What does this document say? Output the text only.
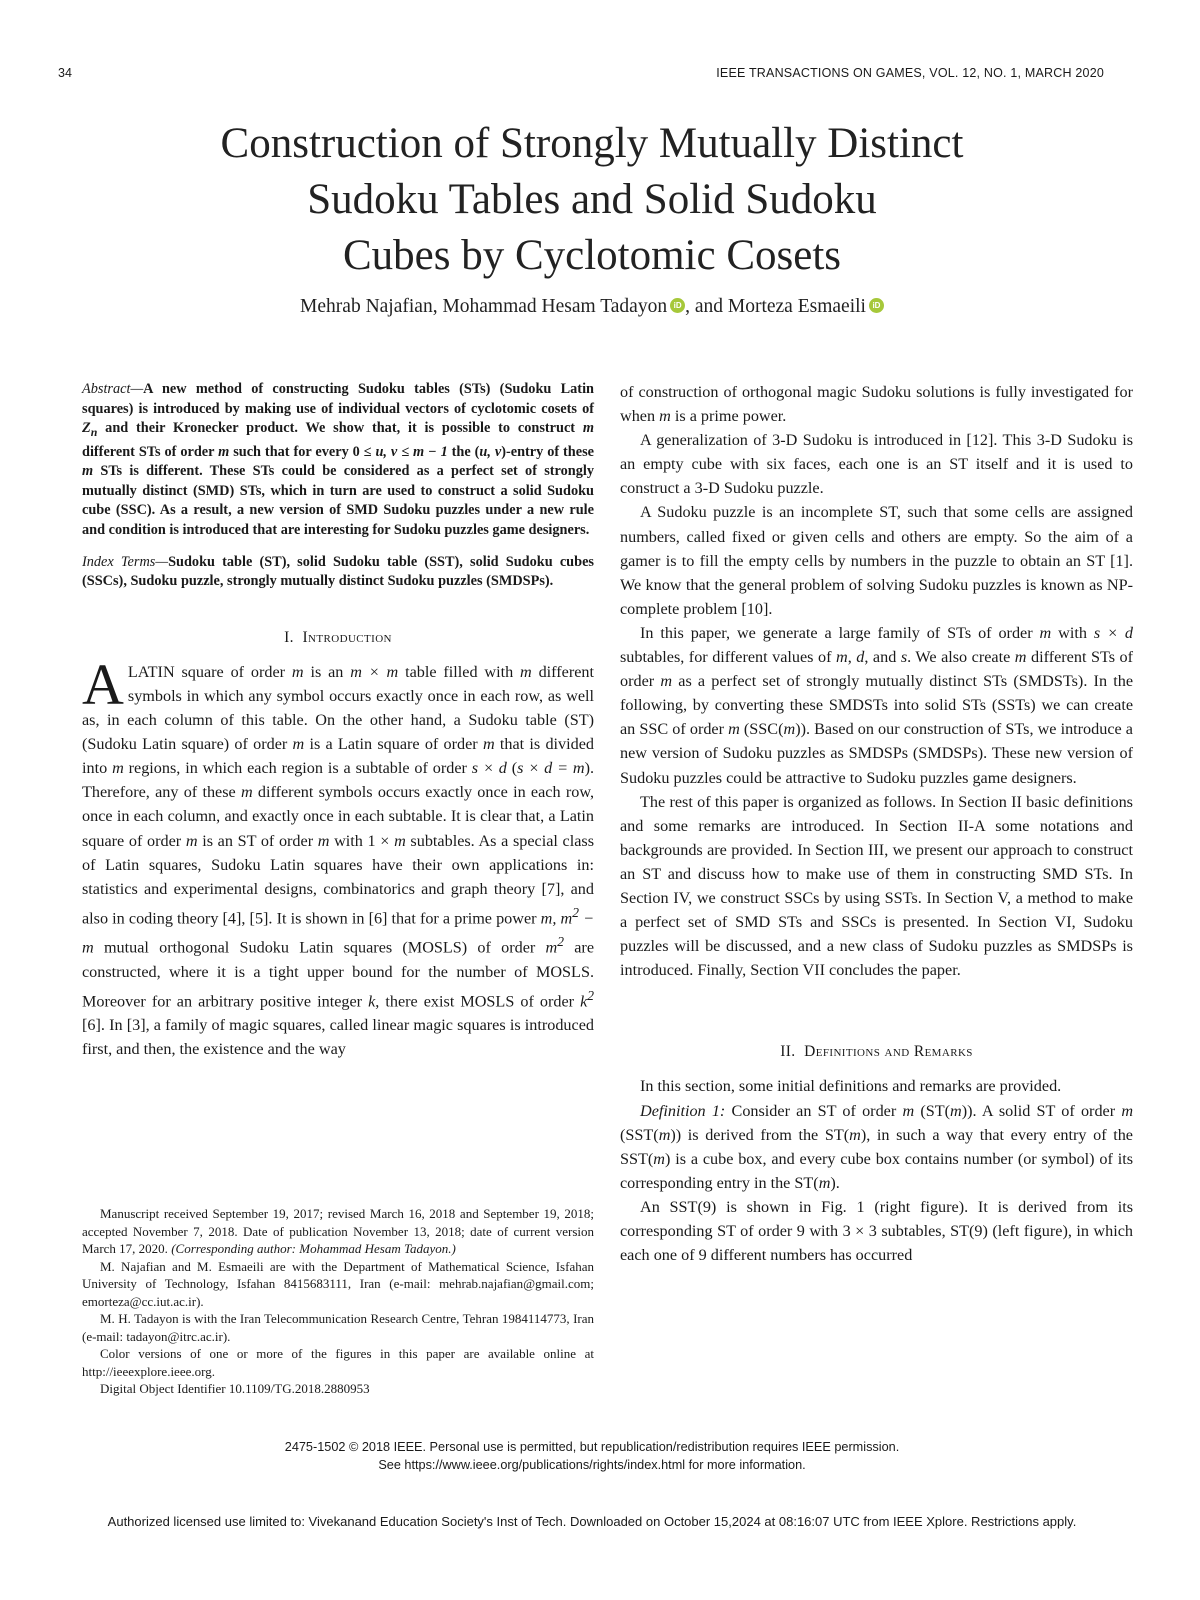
34	IEEE TRANSACTIONS ON GAMES, VOL. 12, NO. 1, MARCH 2020
Construction of Strongly Mutually Distinct
Sudoku Tables and Solid Sudoku
Cubes by Cyclotomic Cosets
Mehrab Najafian, Mohammad Hesam Tadayon iD , and Morteza Esmaeili iD
Abstract—A new method of constructing Sudoku tables (STs) (Sudoku Latin squares) is introduced by making use of individual vectors of cyclotomic cosets of $Z_n$ and their Kronecker product. We show that, it is possible to construct m different STs of order m such that for every 0 ≤ u, v ≤ m − 1 the (u, v)-entry of these m STs is different. These STs could be considered as a perfect set of strongly mutually distinct (SMD) STs, which in turn are used to construct a solid Sudoku cube (SSC). As a result, a new version of SMD Sudoku puzzles under a new rule and condition is introduced that are interesting for Sudoku puzzles game designers.
Index Terms—Sudoku table (ST), solid Sudoku table (SST), solid Sudoku cubes (SSCs), Sudoku puzzle, strongly mutually distinct Sudoku puzzles (SMDSPs).
I. Introduction

ALATIN square of order m is an m × m table filled with m different symbols in which any symbol occurs exactly once in each row, as well as, in each column of this table. On the other hand, a Sudoku table (ST) (Sudoku Latin square) of order m is a Latin square of order m that is divided into m regions, in which each region is a subtable of order s × d (s × d = m). Therefore, any of these m different symbols occurs exactly once in each row, once in each column, and exactly once in each subtable. It is clear that, a Latin square of order m is an ST of order m with 1 × m subtables. As a special class of Latin squares, Sudoku Latin squares have their own applications in: statistics and experimental designs, combinatorics and graph theory [7], and also in coding theory [4], [5]. It is shown in [6] that for a prime power m, $m^2 - m$ mutual orthogonal Sudoku Latin squares (MOSLS) of order $m^2$ are constructed, where it is a tight upper bound for the number of MOSLS. Moreover for an arbitrary positive integer k, there exist MOSLS of order $k^2$ [6]. In [3], a family of magic squares, called linear magic squares is introduced first, and then, the existence and the way

Manuscript received September 19, 2017; revised March 16, 2018 and September 19, 2018; accepted November 7, 2018. Date of publication November 13, 2018; date of current version March 17, 2020. (Corresponding author: Mohammad Hesam Tadayon.)

M. Najafian and M. Esmaeili are with the Department of Mathematical Science, Isfahan University of Technology, Isfahan 8415683111, Iran (e-mail: mehrab.najafian@gmail.com; emorteza@cc.iut.ac.ir).

M. H. Tadayon is with the Iran Telecommunication Research Centre, Tehran 1984114773, Iran (e-mail: tadayon@itrc.ac.ir).

Color versions of one or more of the figures in this paper are available online at http://ieeexplore.ieee.org.

Digital Object Identifier 10.1109/TG.2018.2880953

of construction of orthogonal magic Sudoku solutions is fully investigated for when m is a prime power.

A generalization of 3-D Sudoku is introduced in [12]. This 3-D Sudoku is an empty cube with six faces, each one is an ST itself and it is used to construct a 3-D Sudoku puzzle.

A Sudoku puzzle is an incomplete ST, such that some cells are assigned numbers, called fixed or given cells and others are empty. So the aim of a gamer is to fill the empty cells by numbers in the puzzle to obtain an ST [1]. We know that the general problem of solving Sudoku puzzles is known as NP-complete problem [10].

In this paper, we generate a large family of STs of order m with s × d subtables, for different values of m, d, and s. We also create m different STs of order m as a perfect set of strongly mutually distinct STs (SMDSTs). In the following, by converting these SMDSTs into solid STs (SSTs) we can create an SSC of order m (SSC(m)). Based on our construction of STs, we introduce a new version of Sudoku puzzles as SMDSPs (SMDSPs). These new version of Sudoku puzzles could be attractive to Sudoku puzzles game designers.

The rest of this paper is organized as follows. In Section II basic definitions and some remarks are introduced. In Section II-A some notations and backgrounds are provided. In Section III, we present our approach to construct an ST and discuss how to make use of them in constructing SMD STs. In Section IV, we construct SSCs by using SSTs. In Section V, a method to make a perfect set of SMD STs and SSCs is presented. In Section VI, Sudoku puzzles will be discussed, and a new class of Sudoku puzzles as SMDSPs is introduced. Finally, Section VII concludes the paper.

II. Definitions and Remarks

In this section, some initial definitions and remarks are provided.

Definition 1: Consider an ST of order m (ST(m)). A solid ST of order m (SST(m)) is derived from the ST(m), in such a way that every entry of the SST(m) is a cube box, and every cube box contains number (or symbol) of its corresponding entry in the ST(m).

An SST(9) is shown in Fig. 1 (right figure). It is derived from its corresponding ST of order 9 with 3 × 3 subtables, ST(9) (left figure), in which each one of 9 different numbers has occurred

2475-1502 © 2018 IEEE. Personal use is permitted, but republication/redistribution requires IEEE permission.
See https://www.ieee.org/publications/rights/index.html for more information.
Authorized licensed use limited to: Vivekanand Education Society's Inst of Tech. Downloaded on October 15,2024 at 08:16:07 UTC from IEEE Xplore. Restrictions apply.
